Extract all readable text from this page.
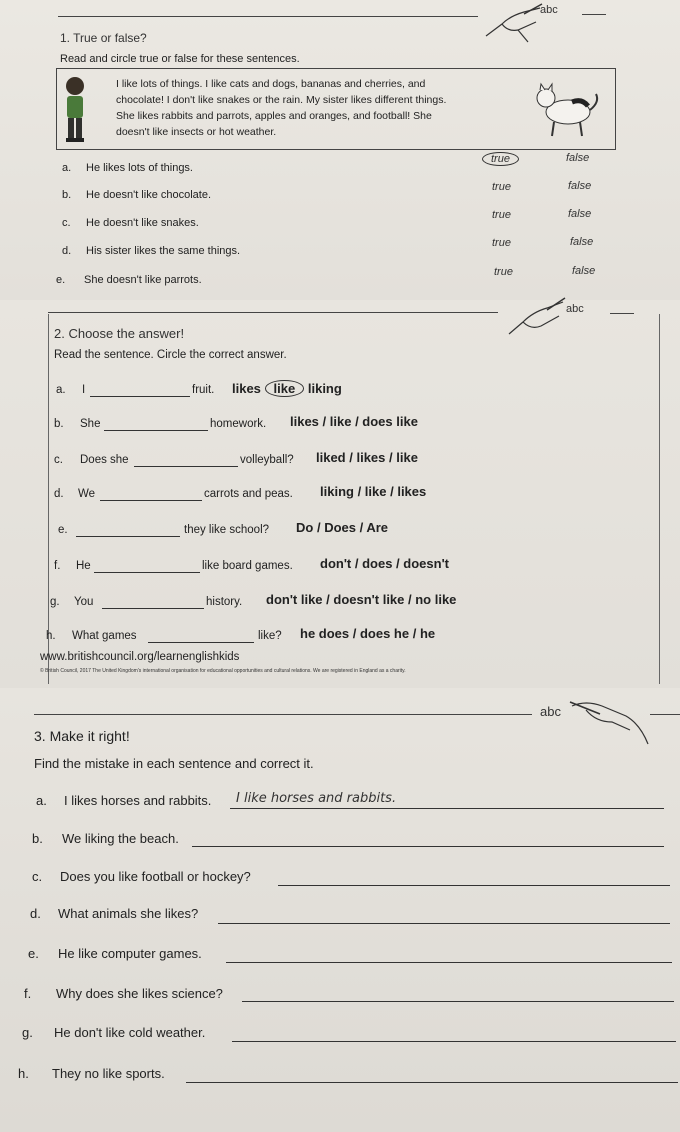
abc
1. True or false?
Read and circle true or false for these sentences.
I like lots of things. I like cats and dogs, bananas and cherries, and
chocolate! I don't like snakes or the rain. My sister likes different things.
She likes rabbits and parrots, apples and oranges, and football! She
doesn't like insects or hot weather.
a. He likes lots of things.
true	false
b. He doesn't like chocolate.
true	false
c. He doesn't like snakes.
true	false
d. His sister likes the same things.
true	false
e. She doesn't like parrots.
true	false
abc
2. Choose the answer!
Read the sentence. Circle the correct answer.
a. I	fruit. likes like liking
b. She	homework. likes / like / does like
c. Does she	volleyball? liked / likes / like
d. We	carrots and peas. liking / like / likes
e.	they like school? Do / Does / Are
f. He	like board games. don't / does / doesn't
g. You	history. don't like / doesn't like / no like
h. What games	like? he does / does he / he
www.britishcouncil.org/learnenglishkids
© British Council, 2017 The United Kingdom's international organisation for educational opportunities and cultural relations. We are registered in England as a charity.
abc
3. Make it right!
Find the mistake in each sentence and correct it.
a. I likes horses and rabbits. I like horses and rabbits.
b. We liking the beach.
c. Does you like football or hockey?
d. What animals she likes?
e. He like computer games.
f. Why does she likes science?
g. He don't like cold weather.
h. They no like sports.
